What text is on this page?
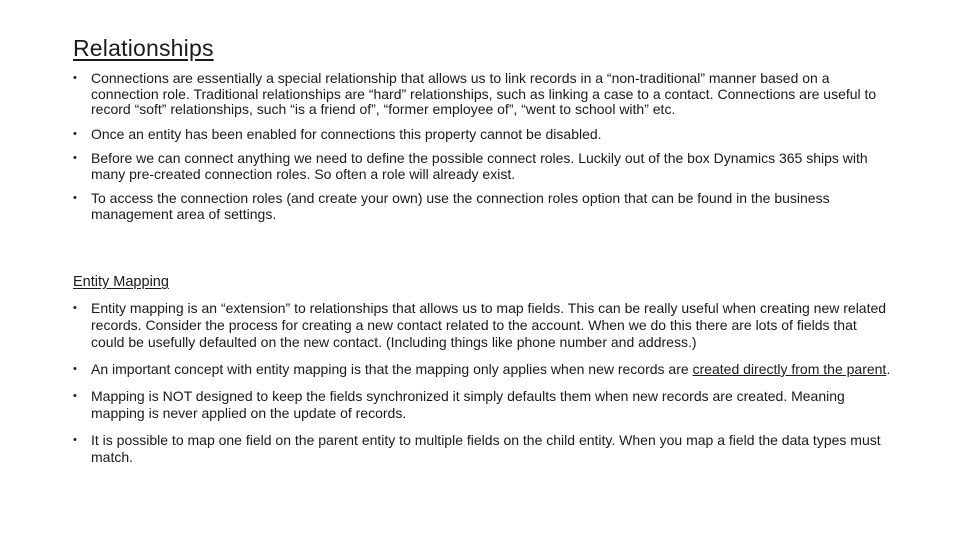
Relationships
• Connections are essentially a special relationship that allows us to link records in a “non-traditional” manner based on a connection role. Traditional relationships are “hard” relationships, such as linking a case to a contact. Connections are useful to record “soft” relationships, such “is a friend of”, “former employee of”, “went to school with” etc.
• Once an entity has been enabled for connections this property cannot be disabled.
• Before we can connect anything we need to define the possible connect roles. Luckily out of the box Dynamics 365 ships with many pre-created connection roles. So often a role will already exist.
• To access the connection roles (and create your own) use the connection roles option that can be found in the business management area of settings.
Entity Mapping
• Entity mapping is an “extension” to relationships that allows us to map fields. This can be really useful when creating new related records. Consider the process for creating a new contact related to the account. When we do this there are lots of fields that could be usefully defaulted on the new contact. (Including things like phone number and address.)
• An important concept with entity mapping is that the mapping only applies when new records are created directly from the parent.
• Mapping is NOT designed to keep the fields synchronized it simply defaults them when new records are created. Meaning mapping is never applied on the update of records.
• It is possible to map one field on the parent entity to multiple fields on the child entity. When you map a field the data types must match.
